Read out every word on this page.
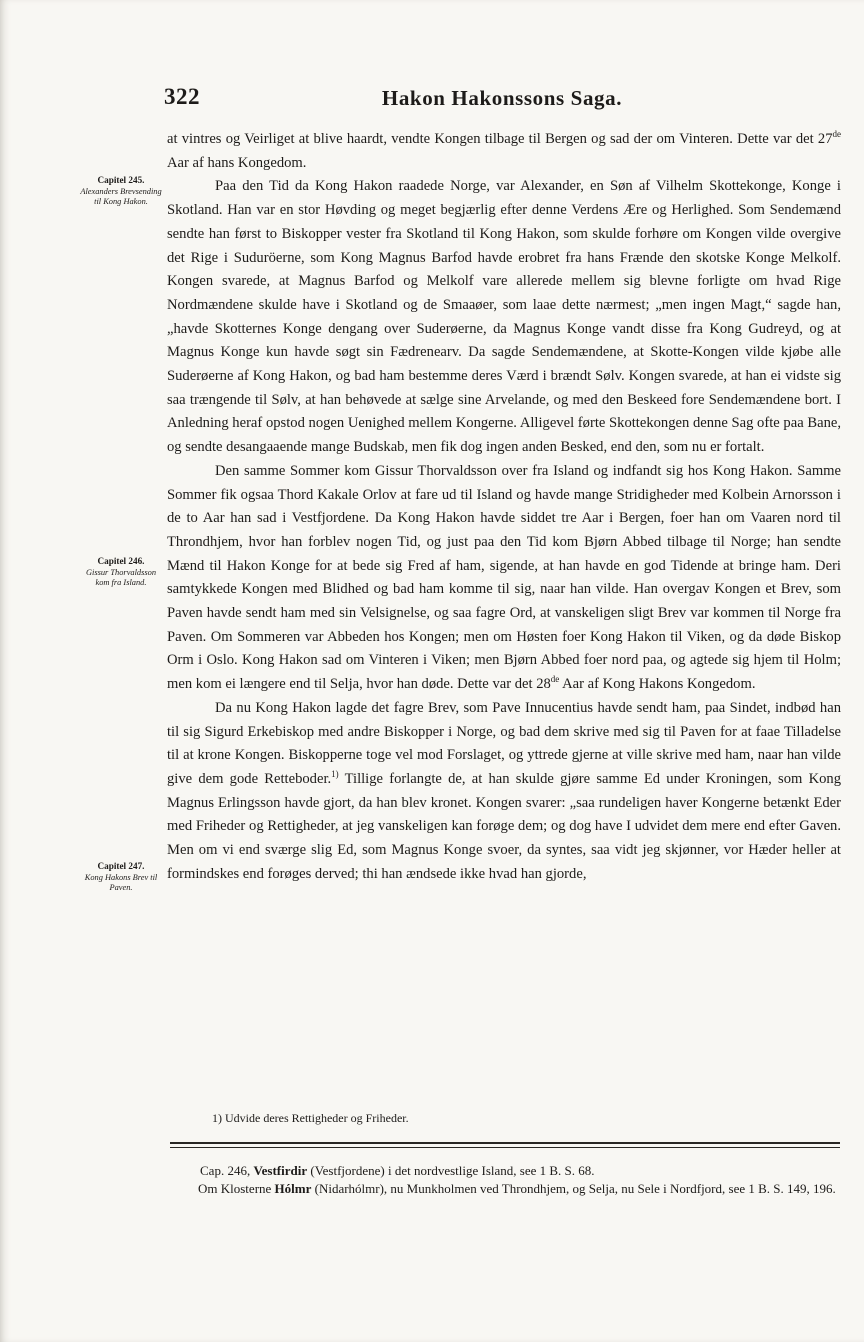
322	Hakon Hakonssons Saga.
Capitel 245.
Alexanders Brevsending til Kong Hakon.
Capitel 246.
Gissur Thorvaldsson kom fra Island.
Capitel 247.
Kong Hakons Brev til Paven.

at vintres og Veirliget at blive haardt, vendte Kongen tilbage til Bergen og sad der om Vinteren. Dette var det 27de Aar af hans Kongedom.

Paa den Tid da Kong Hakon raadede Norge, var Alexander, en Søn af Vilhelm Skottekonge, Konge i Skotland. Han var en stor Høvding og meget begjærlig efter denne Verdens Ære og Herlighed. Som Sendemænd sendte han først to Biskopper vester fra Skotland til Kong Hakon, som skulde forhøre om Kongen vilde overgive det Rige i Suduröerne, som Kong Magnus Barfod havde erobret fra hans Frænde den skotske Konge Melkolf. Kongen svarede, at Magnus Barfod og Melkolf vare allerede mellem sig blevne forligte om hvad Rige Nordmændene skulde have i Skotland og de Smaaøer, som laae dette nærmest; „men ingen Magt,“ sagde han, „havde Skotternes Konge dengang over Suderøerne, da Magnus Konge vandt disse fra Kong Gudreyd, og at Magnus Konge kun havde søgt sin Fædrenearv. Da sagde Sendemændene, at Skotte-Kongen vilde kjøbe alle Suderøerne af Kong Hakon, og bad ham bestemme deres Værd i brændt Sølv. Kongen svarede, at han ei vidste sig saa trængende til Sølv, at han behøvede at sælge sine Arvelande, og med den Beskeed fore Sendemændene bort. I Anledning heraf opstod nogen Uenighed mellem Kongerne. Alligevel førte Skottekongen denne Sag ofte paa Bane, og sendte desangaaende mange Budskab, men fik dog ingen anden Besked, end den, som nu er fortalt.

Den samme Sommer kom Gissur Thorvaldsson over fra Island og indfandt sig hos Kong Hakon. Samme Sommer fik ogsaa Thord Kakale Orlov at fare ud til Island og havde mange Stridigheder med Kolbein Arnorsson i de to Aar han sad i Vestfjordene. Da Kong Hakon havde siddet tre Aar i Bergen, foer han om Vaaren nord til Throndhjem, hvor han forblev nogen Tid, og just paa den Tid kom Bjørn Abbed tilbage til Norge; han sendte Mænd til Hakon Konge for at bede sig Fred af ham, sigende, at han havde en god Tidende at bringe ham. Deri samtykkede Kongen med Blidhed og bad ham komme til sig, naar han vilde. Han overgav Kongen et Brev, som Paven havde sendt ham med sin Velsignelse, og saa fagre Ord, at vanskeligen sligt Brev var kommen til Norge fra Paven. Om Sommeren var Abbeden hos Kongen; men om Høsten foer Kong Hakon til Viken, og da døde Biskop Orm i Oslo. Kong Hakon sad om Vinteren i Viken; men Bjørn Abbed foer nord paa, og agtede sig hjem til Holm; men kom ei længere end til Selja, hvor han døde. Dette var det 28de Aar af Kong Hakons Kongedom.

Da nu Kong Hakon lagde det fagre Brev, som Pave Innucentius havde sendt ham, paa Sindet, indbød han til sig Sigurd Erkebiskop med andre Biskopper i Norge, og bad dem skrive med sig til Paven for at faae Tilladelse til at krone Kongen. Biskopperne toge vel mod Forslaget, og yttrede gjerne at ville skrive med ham, naar han vilde give dem gode Retteboder.$^{1)}$ Tillige forlangte de, at han skulde gjøre samme Ed under Kroningen, som Kong Magnus Erlingsson havde gjort, da han blev kronet. Kongen svarer: „saa rundeligen haver Kongerne betænkt Eder med Friheder og Rettigheder, at jeg vanskeligen kan forøge dem; og dog have I udvidet dem mere end efter Gaven. Men om vi end sværge slig Ed, som Magnus Konge svoer, da syntes, saa vidt jeg skjønner, vor Hæder heller at formindskes end forøges derved; thi han ændsede ikke hvad han gjorde,

1) Udvide deres Rettigheder og Friheder.

Cap. 246, Vestfirdir (Vestfjordene) i det nordvestlige Island, see 1 B. S. 68.

Om Klosterne Hólmr (Nidarhólmr), nu Munkholmen ved Throndhjem, og Selja, nu Sele i Nordfjord, see 1 B. S. 149, 196.
